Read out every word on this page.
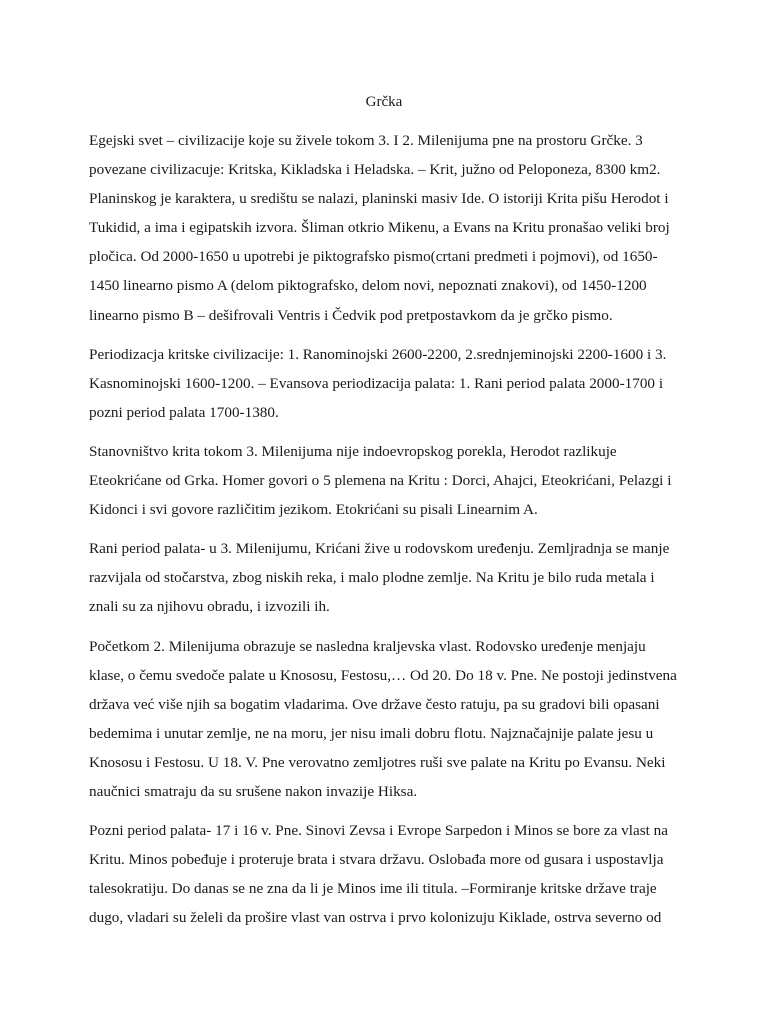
Grčka

Egejski svet – civilizacije koje su živele tokom 3. I 2. Milenijuma pne na prostoru Grčke. 3 povezane civilizacuje: Kritska, Kikladska i Heladska. – Krit, južno od Peloponeza, 8300 km2. Planinskog je karaktera, u središtu se nalazi, planinski masiv Ide. O istoriji Krita pišu Herodot i Tukidid, a ima i egipatskih izvora. Šliman otkrio Mikenu, a Evans na Kritu pronašao veliki broj pločica. Od 2000-1650 u upotrebi je piktografsko pismo(crtani predmeti i pojmovi), od 1650-1450 linearno pismo A (delom piktografsko, delom novi, nepoznati znakovi), od 1450-1200 linearno pismo B – dešifrovali Ventris i Čedvik pod pretpostavkom da je grčko pismo.

Periodizacja kritske civilizacije: 1. Ranominojski 2600-2200, 2.srednjeminojski 2200-1600 i 3. Kasnominojski 1600-1200. – Evansova periodizacija palata: 1. Rani period palata 2000-1700 i pozni period palata 1700-1380.

Stanovništvo krita tokom 3. Milenijuma nije indoevropskog porekla, Herodot razlikuje Eteokrićane od Grka. Homer govori o 5 plemena na Kritu : Dorci, Ahajci, Eteokrićani, Pelazgi i Kidonci i svi govore različitim jezikom. Etokrićani su pisali Linearnim A.

Rani period palata- u 3. Milenijumu, Krićani žive u rodovskom uređenju. Zemljradnja se manje razvijala od stočarstva, zbog niskih reka, i malo plodne zemlje. Na Kritu je bilo ruda metala i znali su za njihovu obradu, i izvozili ih.

Početkom 2. Milenijuma obrazuje se nasledna kraljevska vlast. Rodovsko uređenje menjaju klase, o čemu svedoče palate u Knososu, Festosu,… Od 20. Do 18 v. Pne. Ne postoji jedinstvena država već više njih sa bogatim vladarima. Ove države često ratuju, pa su gradovi bili opasani bedemima i unutar zemlje, ne na moru, jer nisu imali dobru flotu. Najznačajnije palate jesu u Knososu i Festosu. U 18. V. Pne verovatno zemljotres ruši sve palate na Kritu po Evansu. Neki naučnici smatraju da su srušene nakon invazije Hiksa.

Pozni period palata- 17 i 16 v. Pne. Sinovi Zevsa i Evrope Sarpedon i Minos se bore za vlast na Kritu. Minos pobeđuje i proteruje brata i stvara državu. Oslobađa more od gusara i uspostavlja talesokratiju. Do danas se ne zna da li je Minos ime ili titula. –Formiranje kritske države traje dugo, vladari su želeli da prošire vlast van ostrva i prvo kolonizuju Kiklade, ostrva severno od
